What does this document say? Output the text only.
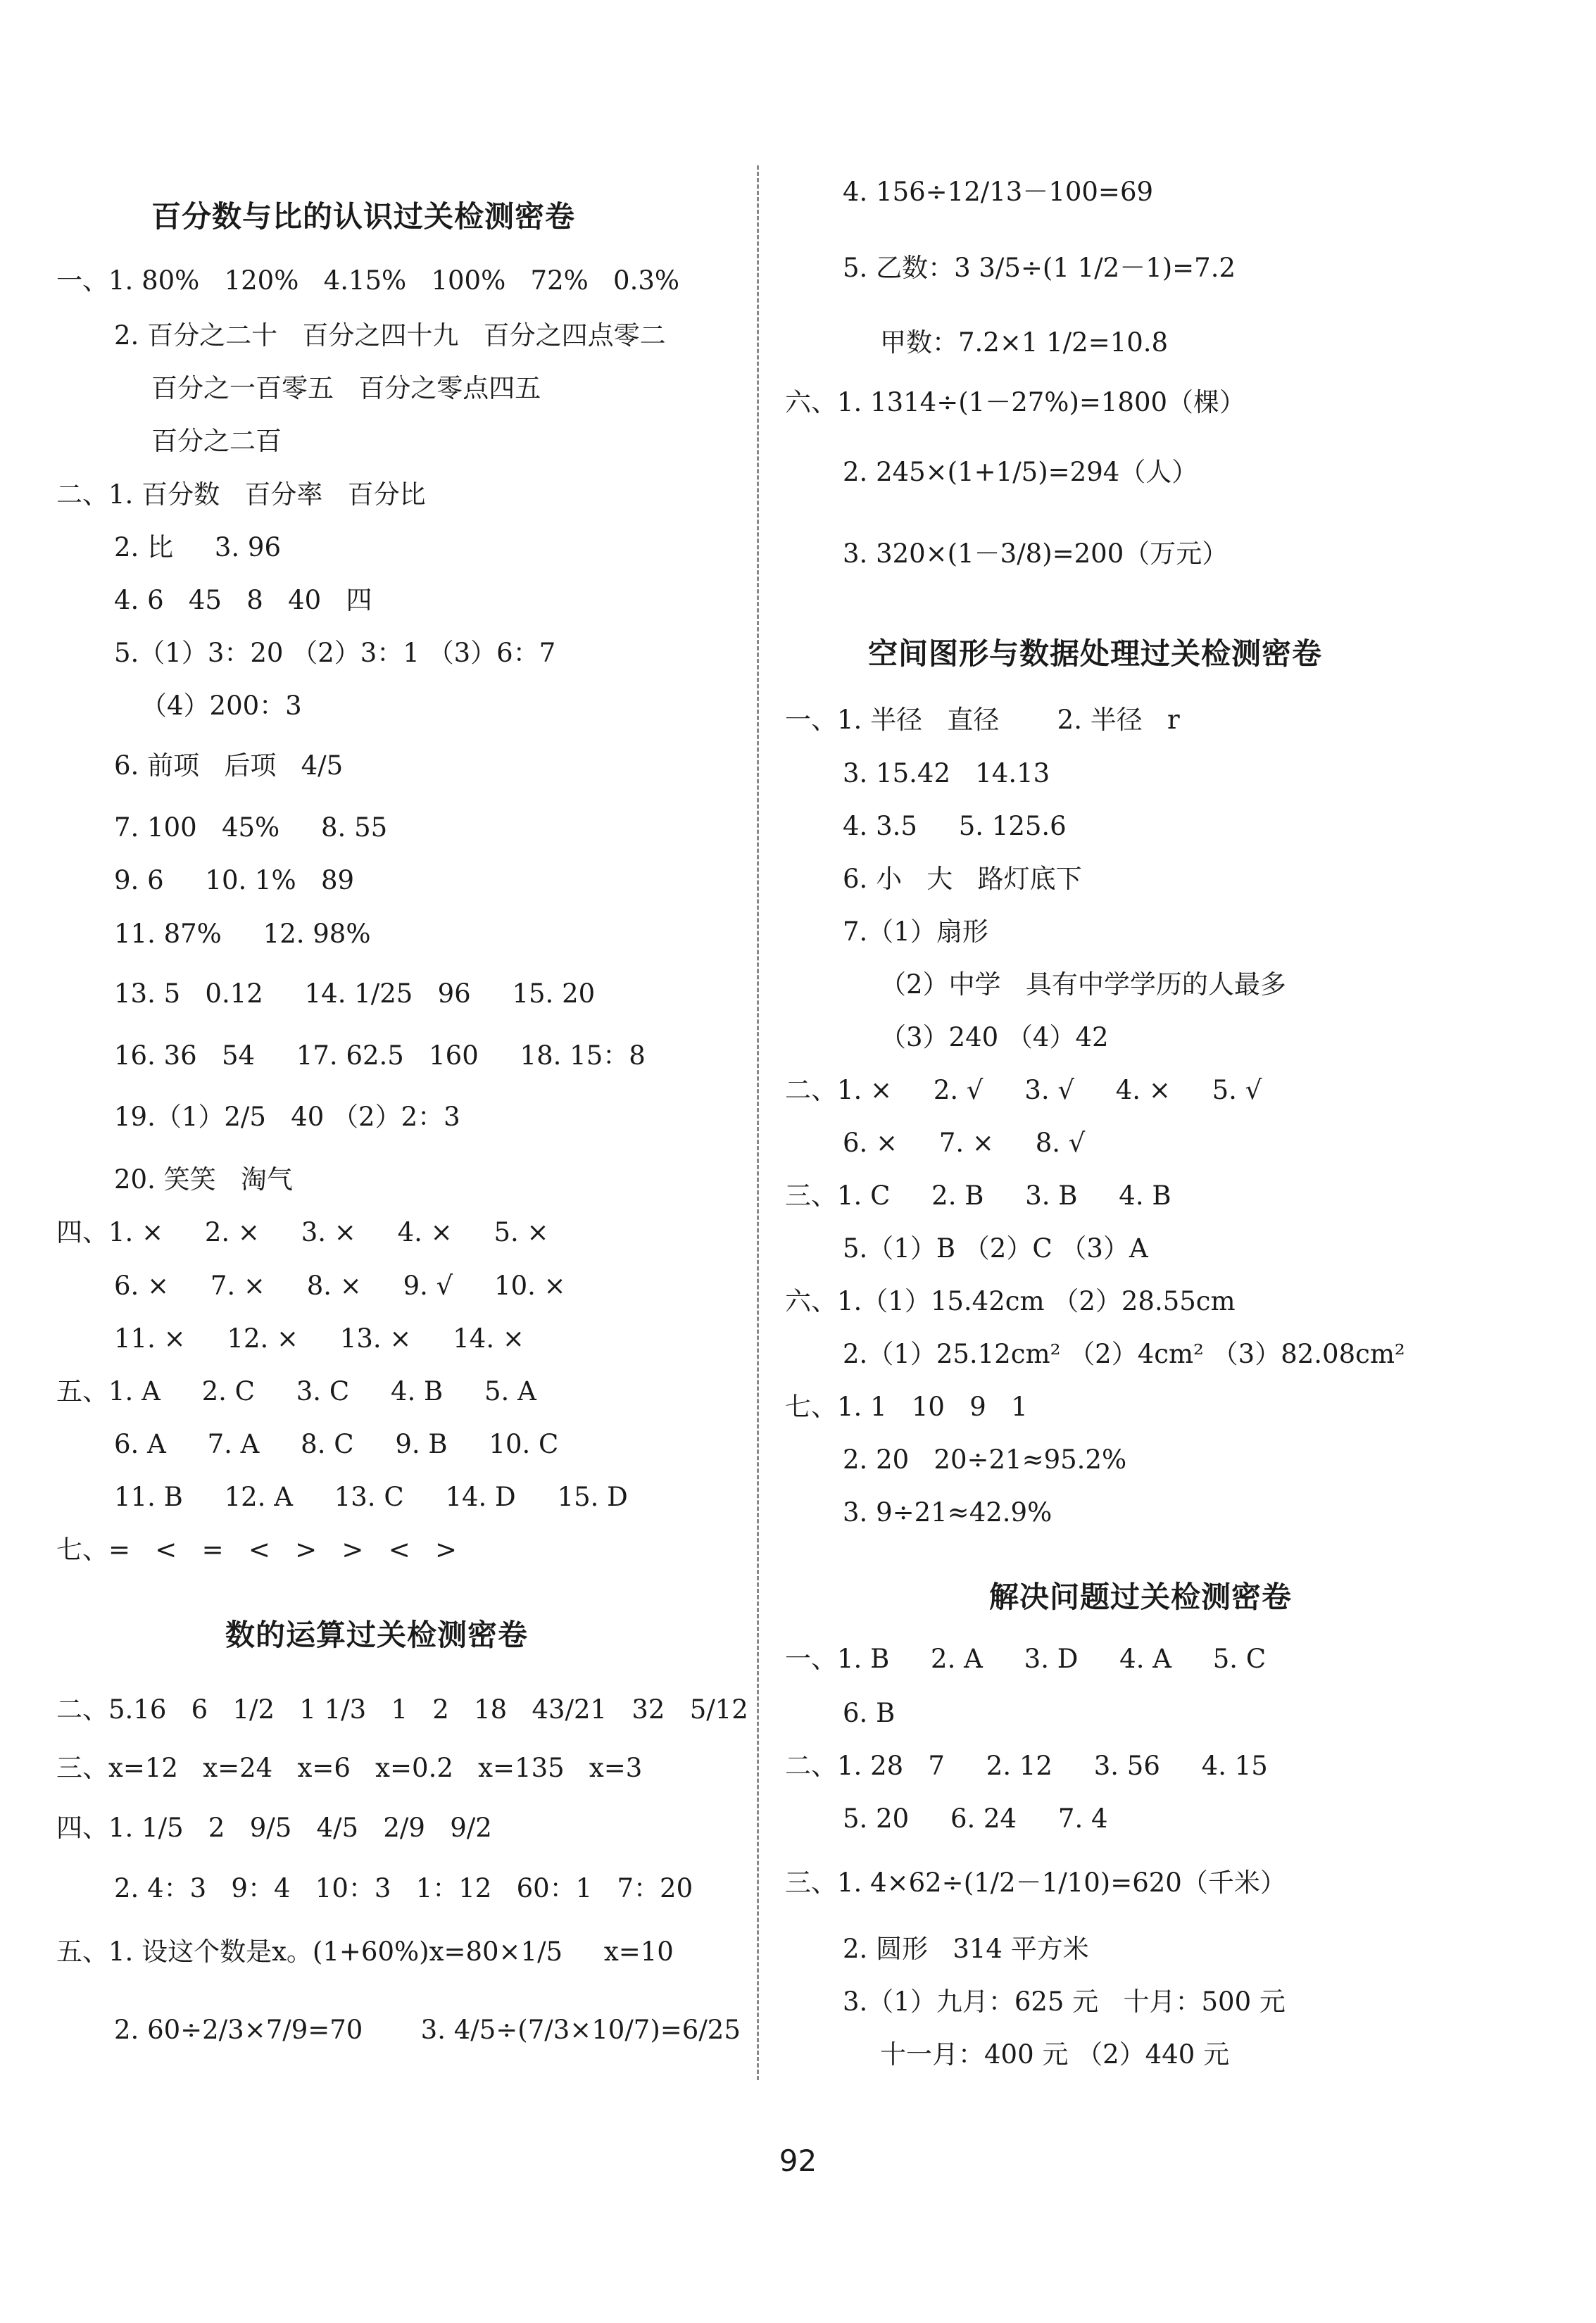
百分数与比的认识过关检测密卷
一、1. 80%   120%   4.15%   100%   72%   0.3%
2. 百分之二十   百分之四十九   百分之四点零二
百分之一百零五   百分之零点四五
百分之二百
二、1. 百分数   百分率   百分比
2. 比     3. 96
4. 6   45   8   40   四
5.（1）3：20 （2）3：1 （3）6：7
（4）200：3
6. 前项   后项   4/5
7. 100   45%     8. 55
9. 6     10. 1%   89
11. 87%     12. 98%
13. 5   0.12     14. 1/25   96     15. 20
16. 36   54     17. 62.5   160     18. 15：8
19.（1）2/5   40 （2）2：3
20. 笑笑   淘气
四、1. ×     2. ×     3. ×     4. ×     5. ×
6. ×     7. ×     8. ×     9. √     10. ×
11. ×     12. ×     13. ×     14. ×
五、1. A     2. C     3. C     4. B     5. A
6. A     7. A     8. C     9. B     10. C
11. B     12. A     13. C     14. D     15. D
七、=   <   =   <   >   >   <   >
数的运算过关检测密卷
二、5.16   6   1/2   1 1/3   1   2   18   43/21   32   5/12
三、x=12   x=24   x=6   x=0.2   x=135   x=3
四、1. 1/5   2   9/5   4/5   2/9   9/2
2. 4：3   9：4   10：3   1：12   60：1   7：20
五、1. 设这个数是x。(1+60%)x=80×1/5     x=10
2. 60÷2/3×7/9=70       3. 4/5÷(7/3×10/7)=6/25
4. 156÷12/13－100=69
5. 乙数：3 3/5÷(1 1/2－1)=7.2
甲数：7.2×1 1/2=10.8
六、1. 1314÷(1－27%)=1800（棵）
2. 245×(1+1/5)=294（人）
3. 320×(1－3/8)=200（万元）
空间图形与数据处理过关检测密卷
一、1. 半径   直径       2. 半径   r
3. 15.42   14.13
4. 3.5     5. 125.6
6. 小   大   路灯底下
7.（1）扇形
（2）中学   具有中学学历的人最多
（3）240 （4）42
二、1. ×     2. √     3. √     4. ×     5. √
6. ×     7. ×     8. √
三、1. C     2. B     3. B     4. B
5.（1）B （2）C （3）A
六、1.（1）15.42cm （2）28.55cm
2.（1）25.12cm² （2）4cm² （3）82.08cm²
七、1. 1   10   9   1
2. 20   20÷21≈95.2%
3. 9÷21≈42.9%
解决问题过关检测密卷
一、1. B     2. A     3. D     4. A     5. C
6. B
二、1. 28   7     2. 12     3. 56     4. 15
5. 20     6. 24     7. 4
三、1. 4×62÷(1/2－1/10)=620（千米）
2. 圆形   314 平方米
3.（1）九月：625 元   十月：500 元
十一月：400 元 （2）440 元
92
